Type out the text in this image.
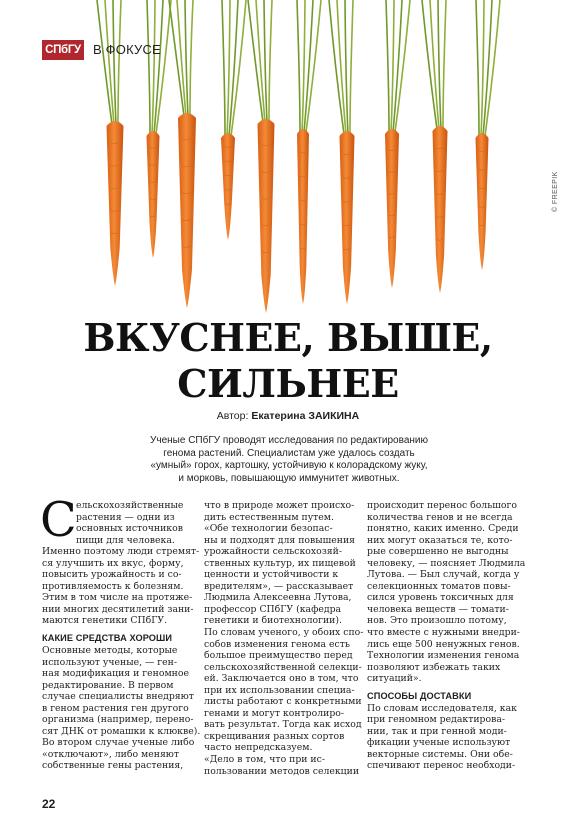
СПбГУ В ФОКУСЕ
© FREEPIK
ВКУСНЕЕ, ВЫШЕ,
СИЛЬНЕЕ
Автор: Екатерина ЗАИКИНА
Ученые СПбГУ проводят исследования по редактированию
генома растений. Специалистам уже удалось создать
«умный» горох, картошку, устойчивую к колорадскому жуку,
и морковь, повышающую иммунитет животных.
С ельскохозяйственные
растения — одни из
основных источников
пищи для человека.
Именно поэтому люди стремят-
ся улучшить их вкус, форму,
повысить урожайность и со-
противляемость к болезням.
Этим в том числе на протяже-
нии многих десятилетий зани-
маются генетики СПбГУ.
КАКИЕ СРЕДСТВА ХОРОШИ
Основные методы, которые
используют ученые, — ген-
ная модификация и геномное
редактирование. В первом
случае специалисты внедряют
в геном растения ген другого
организма (например, перено-
сят ДНК от ромашки к клюкве).
Во втором случае ученые либо
«отключают», либо меняют
собственные гены растения,
что в природе может происхо-
дить естественным путем.
«Обе технологии безопас-
ны и подходят для повышения
урожайности сельскохозяй-
ственных культур, их пищевой
ценности и устойчивости к
вредителям», — рассказывает
Людмила Алексеевна Лутова,
профессор СПбГУ (кафедра
генетики и биотехнологии).
По словам ученого, у обоих спо-
собов изменения генома есть
большое преимущество перед
сельскохозяйственной селекци-
ей. Заключается оно в том, что
при их использовании специа-
листы работают с конкретными
генами и могут контролиро-
вать результат. Тогда как исход
скрещивания разных сортов
часто непредсказуем.
«Дело в том, что при ис-
пользовании методов селекции
происходит перенос большого
количества генов и не всегда
понятно, каких именно. Среди
них могут оказаться те, кото-
рые совершенно не выгодны
человеку, — поясняет Людмила
Лутова. — Был случай, когда у
селекционных томатов повы-
сился уровень токсичных для
человека веществ — томати-
нов. Это произошло потому,
что вместе с нужными внедри-
лись еще 500 ненужных генов.
Технологии изменения генома
позволяют избежать таких
ситуаций».
СПОСОБЫ ДОСТАВКИ
По словам исследователя, как
при геномном редактирова-
нии, так и при генной моди-
фикации ученые используют
векторные системы. Они обе-
спечивают перенос необходи-
22
